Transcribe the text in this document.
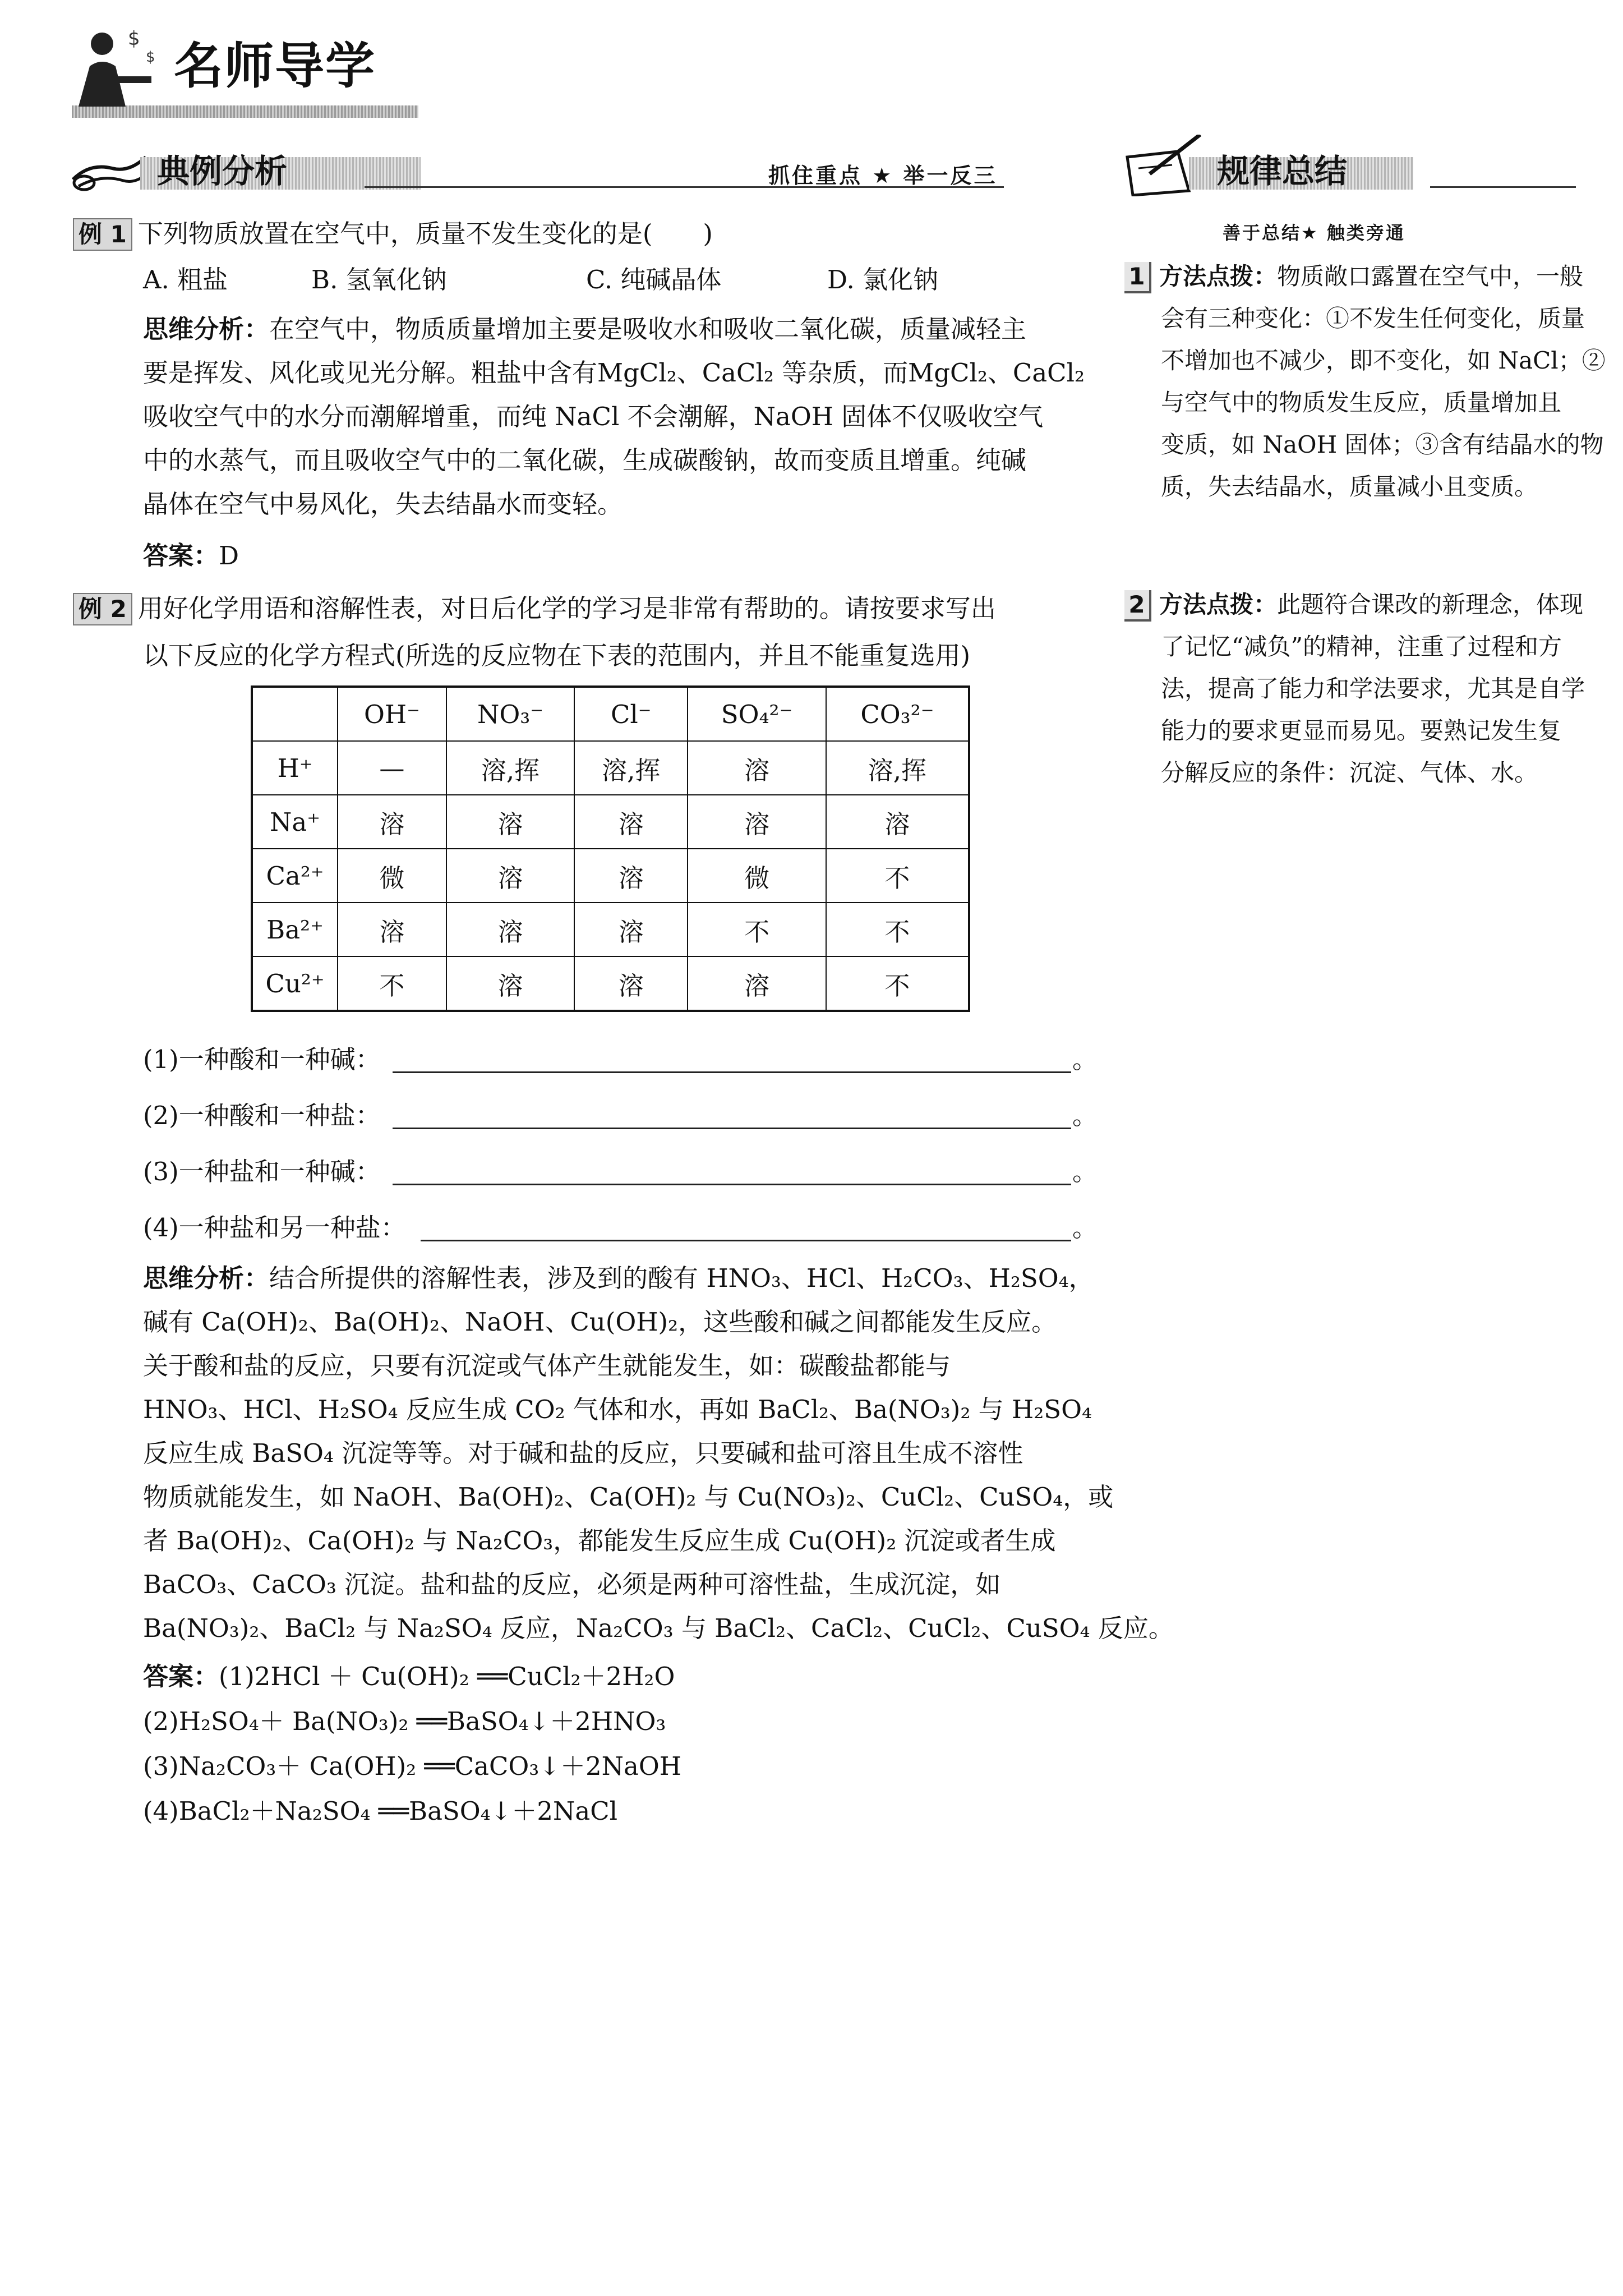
$
$ 名师导学
典例分析	抓住重点 ★ 举一反三	规律总结
善于总结★ 触类旁通
例 1 下列物质放置在空气中，质量不发生变化的是(　　)
A. 粗盐	B. 氢氧化钠	C. 纯碱晶体	D. 氯化钠
思维分析：在空气中，物质质量增加主要是吸收水和吸收二氧化碳，质量减轻主
要是挥发、风化或见光分解。粗盐中含有MgCl₂、CaCl₂ 等杂质，而MgCl₂、CaCl₂
吸收空气中的水分而潮解增重，而纯 NaCl 不会潮解，NaOH 固体不仅吸收空气
中的水蒸气，而且吸收空气中的二氧化碳，生成碳酸钠，故而变质且增重。纯碱
晶体在空气中易风化，失去结晶水而变轻。
答案：D
例 2 用好化学用语和溶解性表，对日后化学的学习是非常有帮助的。请按要求写出
以下反应的化学方程式(所选的反应物在下表的范围内，并且不能重复选用)
	OH⁻	NO₃⁻	Cl⁻	SO₄²⁻	CO₃²⁻
H⁺	—	溶,挥	溶,挥	溶	溶,挥
Na⁺	溶	溶	溶	溶	溶
Ca²⁺	微	溶	溶	微	不
Ba²⁺	溶	溶	溶	不	不
Cu²⁺	不	溶	溶	溶	不
(1)一种酸和一种碱：	。
(2)一种酸和一种盐：	。
(3)一种盐和一种碱：	。
(4)一种盐和另一种盐：	。
思维分析：结合所提供的溶解性表，涉及到的酸有 HNO₃、HCl、H₂CO₃、H₂SO₄，
碱有 Ca(OH)₂、Ba(OH)₂、NaOH、Cu(OH)₂，这些酸和碱之间都能发生反应。
关于酸和盐的反应，只要有沉淀或气体产生就能发生，如：碳酸盐都能与
HNO₃、HCl、H₂SO₄ 反应生成 CO₂ 气体和水，再如 BaCl₂、Ba(NO₃)₂ 与 H₂SO₄
反应生成 BaSO₄ 沉淀等等。对于碱和盐的反应，只要碱和盐可溶且生成不溶性
物质就能发生，如 NaOH、Ba(OH)₂、Ca(OH)₂ 与 Cu(NO₃)₂、CuCl₂、CuSO₄，或
者 Ba(OH)₂、Ca(OH)₂ 与 Na₂CO₃，都能发生反应生成 Cu(OH)₂ 沉淀或者生成
BaCO₃、CaCO₃ 沉淀。盐和盐的反应，必须是两种可溶性盐，生成沉淀，如
Ba(NO₃)₂、BaCl₂ 与 Na₂SO₄ 反应，Na₂CO₃ 与 BaCl₂、CaCl₂、CuCl₂、CuSO₄ 反应。
答案：(1)2HCl ＋ Cu(OH)₂ ══CuCl₂＋2H₂O
(2)H₂SO₄＋ Ba(NO₃)₂ ══BaSO₄↓＋2HNO₃
(3)Na₂CO₃＋ Ca(OH)₂ ══CaCO₃↓＋2NaOH
(4)BaCl₂＋Na₂SO₄ ══BaSO₄↓＋2NaCl
1 方法点拨：物质敞口露置在空气中，一般
会有三种变化：①不发生任何变化，质量
不增加也不减少，即不变化，如 NaCl；②
与空气中的物质发生反应，质量增加且
变质，如 NaOH 固体；③含有结晶水的物
质，失去结晶水，质量减小且变质。
2 方法点拨：此题符合课改的新理念，体现
了记忆“减负”的精神，注重了过程和方
法，提高了能力和学法要求，尤其是自学
能力的要求更显而易见。要熟记发生复
分解反应的条件：沉淀、气体、水。
